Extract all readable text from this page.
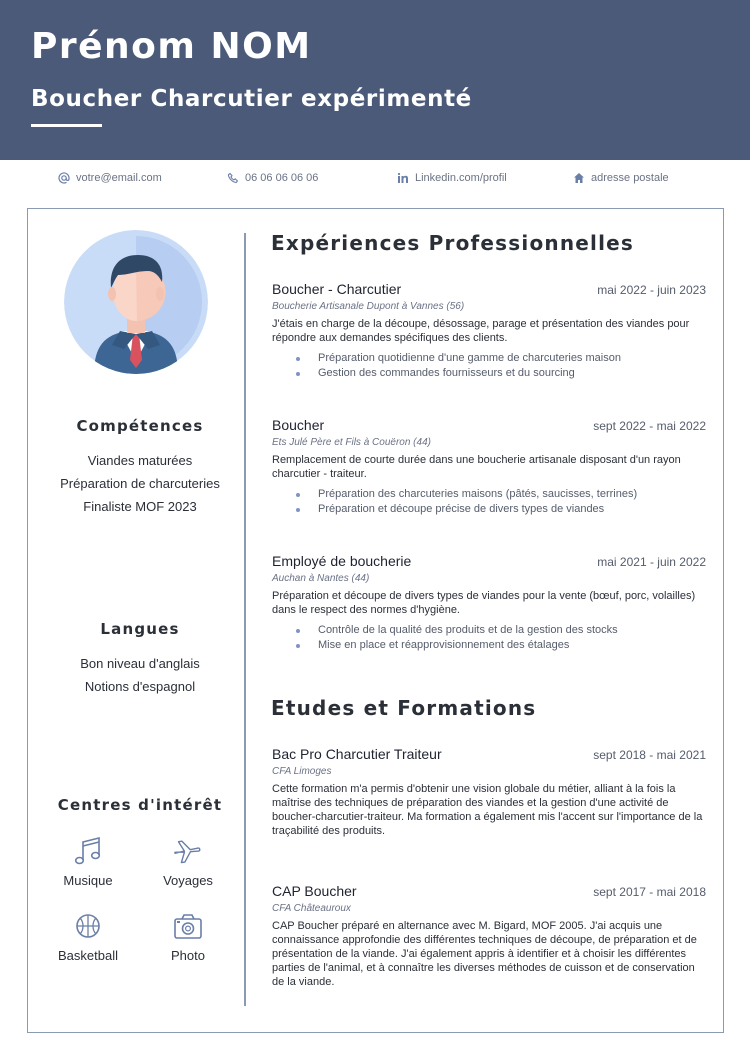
Prénom NOM
Boucher Charcutier expérimenté
votre@email.com	06 06 06 06 06	Linkedin.com/profil	adresse postale
Compétences
Viandes maturées
Préparation de charcuteries
Finaliste MOF 2023
Langues
Bon niveau d'anglais
Notions d'espagnol
Centres d'intérêt
Musique	Voyages
Basketball	Photo
Expériences Professionnelles
Boucher - Charcutier	mai 2022 - juin 2023
Boucherie Artisanale Dupont à Vannes (56)
J'étais en charge de la découpe, désossage, parage et présentation des viandes pour répondre aux demandes spécifiques des clients.
Préparation quotidienne d'une gamme de charcuteries maison
Gestion des commandes fournisseurs et du sourcing
Boucher	sept 2022 - mai 2022
Ets Julé Père et Fils à Couëron (44)
Remplacement de courte durée dans une boucherie artisanale disposant d'un rayon charcutier - traiteur.
Préparation des charcuteries maisons (pâtés, saucisses, terrines)
Préparation et découpe précise de divers types de viandes
Employé de boucherie	mai 2021 - juin 2022
Auchan à Nantes (44)
Préparation et découpe de divers types de viandes pour la vente (bœuf, porc, volailles) dans le respect des normes d'hygiène.
Contrôle de la qualité des produits et de la gestion des stocks
Mise en place et réapprovisionnement des étalages
Etudes et Formations
Bac Pro Charcutier Traiteur	sept 2018 - mai 2021
CFA Limoges
Cette formation m'a permis d'obtenir une vision globale du métier, alliant à la fois la maîtrise des techniques de préparation des viandes et la gestion d'une activité de boucher-charcutier-traiteur. Ma formation a également mis l'accent sur l'importance de la traçabilité des produits.
CAP Boucher	sept 2017 - mai 2018
CFA Châteauroux
CAP Boucher préparé en alternance avec M. Bigard, MOF 2005. J'ai acquis une connaissance approfondie des différentes techniques de découpe, de préparation et de présentation de la viande. J'ai également appris à identifier et à choisir les différentes parties de l'animal, et à connaître les diverses méthodes de cuisson et de conservation de la viande.
